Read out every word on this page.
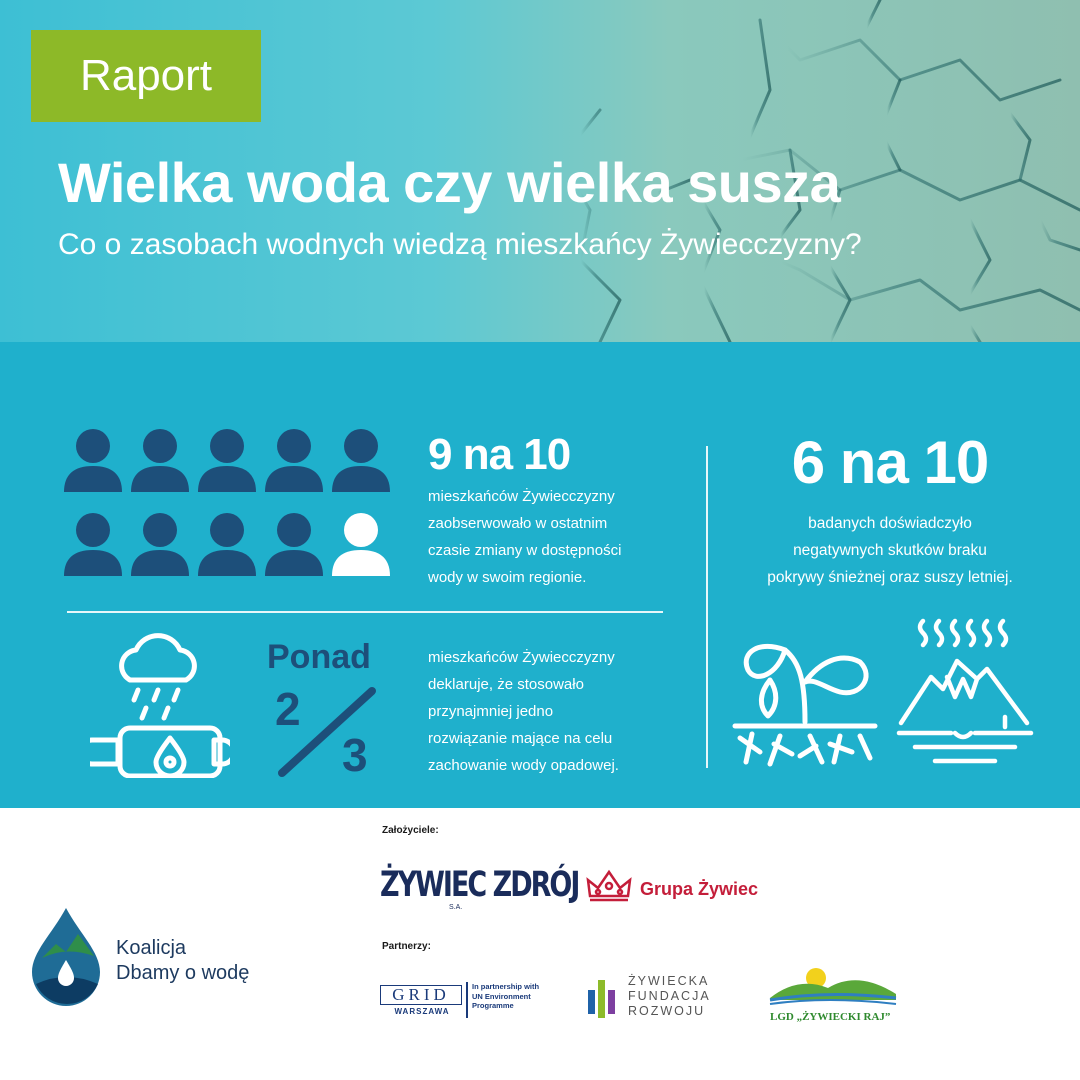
Raport
Wielka woda czy wielka susza

Co o zasobach wodnych wiedzą mieszkańcy Żywiecczyzny?

9 na 10
mieszkańców Żywiecczyzny
zaobserwowało w ostatnim
czasie zmiany w dostępności
wody w swoim regionie.
Ponad
2
3
mieszkańców Żywiecczyzny
deklaruje, że stosowało
przynajmniej jedno
rozwiązanie mające na celu
zachowanie wody opadowej.
6 na 10
badanych doświadczyło
negatywnych skutków braku
pokrywy śnieżnej oraz suszy letniej.
Koalicja
Dbamy o wodę
Założyciele:
ŻYWIEC ZDRÓJ
S.A.
Grupa Żywiec
Partnerzy:
GRID
WARSZAWA
In partnership with
UN Environment
Programme
ŻYWIECKA
FUNDACJA
ROZWOJU	LGD „ŻYWIECKI RAJ”
